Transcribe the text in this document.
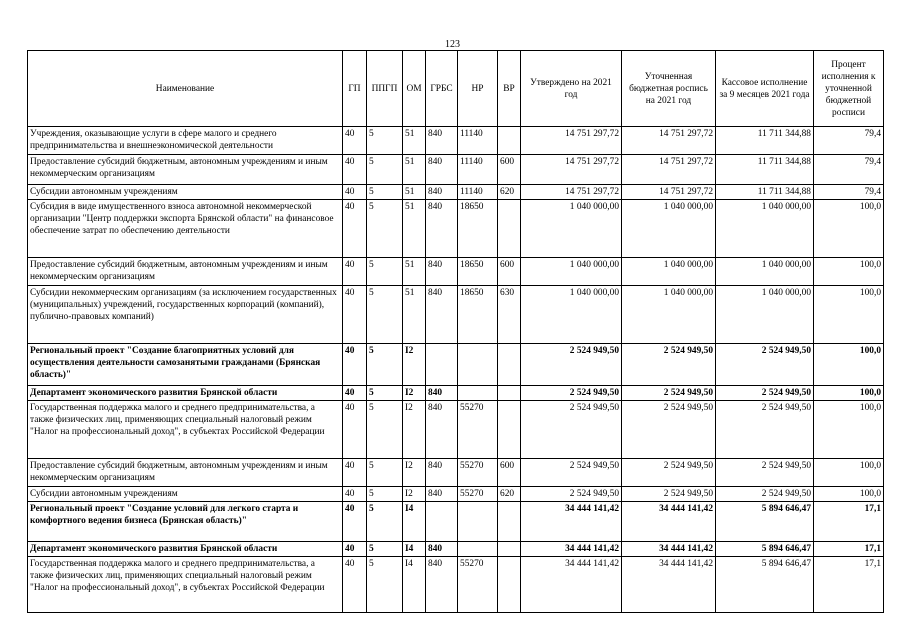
123
Наименование	ГП	ППГП	ОМ	ГРБС	НР	ВР	Утверждено на 2021 год	Уточненная бюджетная роспись на 2021 год	Кассовое исполнение за 9 месяцев 2021 года	Процент исполнения к уточненной бюджетной росписи
Учреждения, оказывающие услуги в сфере малого и среднего предпринимательства и внешнеэкономической деятельности	40	5	51	840	11140		14 751 297,72	14 751 297,72	11 711 344,88	79,4
Предоставление субсидий бюджетным, автономным учреждениям и иным некоммерческим организациям	40	5	51	840	11140	600	14 751 297,72	14 751 297,72	11 711 344,88	79,4
Субсидии автономным учреждениям	40	5	51	840	11140	620	14 751 297,72	14 751 297,72	11 711 344,88	79,4
Субсидия в виде имущественного взноса автономной некоммерческой организации "Центр поддержки экспорта Брянской области" на финансовое обеспечение затрат по обеспечению деятельности	40	5	51	840	18650		1 040 000,00	1 040 000,00	1 040 000,00	100,0
Предоставление субсидий бюджетным, автономным учреждениям и иным некоммерческим организациям	40	5	51	840	18650	600	1 040 000,00	1 040 000,00	1 040 000,00	100,0
Субсидии некоммерческим организациям (за исключением государственных (муниципальных) учреждений, государственных корпораций (компаний), публично-правовых компаний)	40	5	51	840	18650	630	1 040 000,00	1 040 000,00	1 040 000,00	100,0
Региональный проект "Создание благоприятных условий для осуществления деятельности самозанятыми гражданами (Брянская область)"	40	5	I2				2 524 949,50	2 524 949,50	2 524 949,50	100,0
Департамент экономического развития Брянской области	40	5	I2	840			2 524 949,50	2 524 949,50	2 524 949,50	100,0
Государственная поддержка малого и среднего предпринимательства, а также физических лиц, применяющих специальный налоговый режим "Налог на профессиональный доход", в субъектах Российской Федерации	40	5	I2	840	55270		2 524 949,50	2 524 949,50	2 524 949,50	100,0
Предоставление субсидий бюджетным, автономным учреждениям и иным некоммерческим организациям	40	5	I2	840	55270	600	2 524 949,50	2 524 949,50	2 524 949,50	100,0
Субсидии автономным учреждениям	40	5	I2	840	55270	620	2 524 949,50	2 524 949,50	2 524 949,50	100,0
Региональный проект "Создание условий для легкого старта и комфортного ведения бизнеса (Брянская область)"	40	5	I4				34 444 141,42	34 444 141,42	5 894 646,47	17,1
Департамент экономического развития Брянской области	40	5	I4	840			34 444 141,42	34 444 141,42	5 894 646,47	17,1
Государственная поддержка малого и среднего предпринимательства, а также физических лиц, применяющих специальный налоговый режим "Налог на профессиональный доход", в субъектах Российской Федерации	40	5	I4	840	55270		34 444 141,42	34 444 141,42	5 894 646,47	17,1
